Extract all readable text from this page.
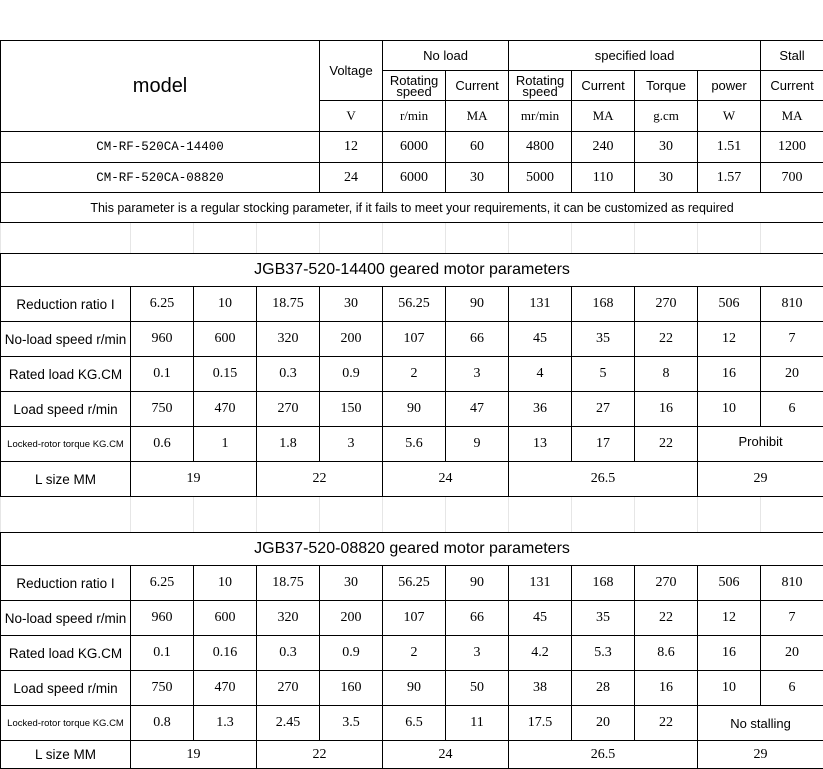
model				Voltage	No load		specified load				Stall	
					Rotating speed	Current	Rotating speed	Current	Torque	power	Current	
				V	r/min	MA	mr/min	MA	g.cm	W	MA	
CM-RF-520CA-14400				12	6000	60	4800	240	30	1.51	1200	
CM-RF-520CA-08820				24	6000	30	5000	110	30	1.57	700	
This parameter is a regular stocking parameter, if it fails to meet your requirements, it can be customized as required												

JGB37-520-14400 geared motor parameters												
Reduction ratio I	6.25	10	18.75	30	56.25	90	131	168	270	506	810	
No-load speed r/min	960	600	320	200	107	66	45	35	22	12	7	
Rated load KG.CM	0.1	0.15	0.3	0.9	2	3	4	5	8	16	20	
Load speed r/min	750	470	270	150	90	47	36	27	16	10	6	
Locked-rotor torque KG.CM	0.6	1	1.8	3	5.6	9	13	17	22	Prohibit		
L size MM	19		22		24		26.5			29		

JGB37-520-08820 geared motor parameters												
Reduction ratio I	6.25	10	18.75	30	56.25	90	131	168	270	506	810	
No-load speed r/min	960	600	320	200	107	66	45	35	22	12	7	
Rated load KG.CM	0.1	0.16	0.3	0.9	2	3	4.2	5.3	8.6	16	20	
Load speed r/min	750	470	270	160	90	50	38	28	16	10	6	
Locked-rotor torque KG.CM	0.8	1.3	2.45	3.5	6.5	11	17.5	20	22	No stalling		
L size MM	19		22		24		26.5			29		
